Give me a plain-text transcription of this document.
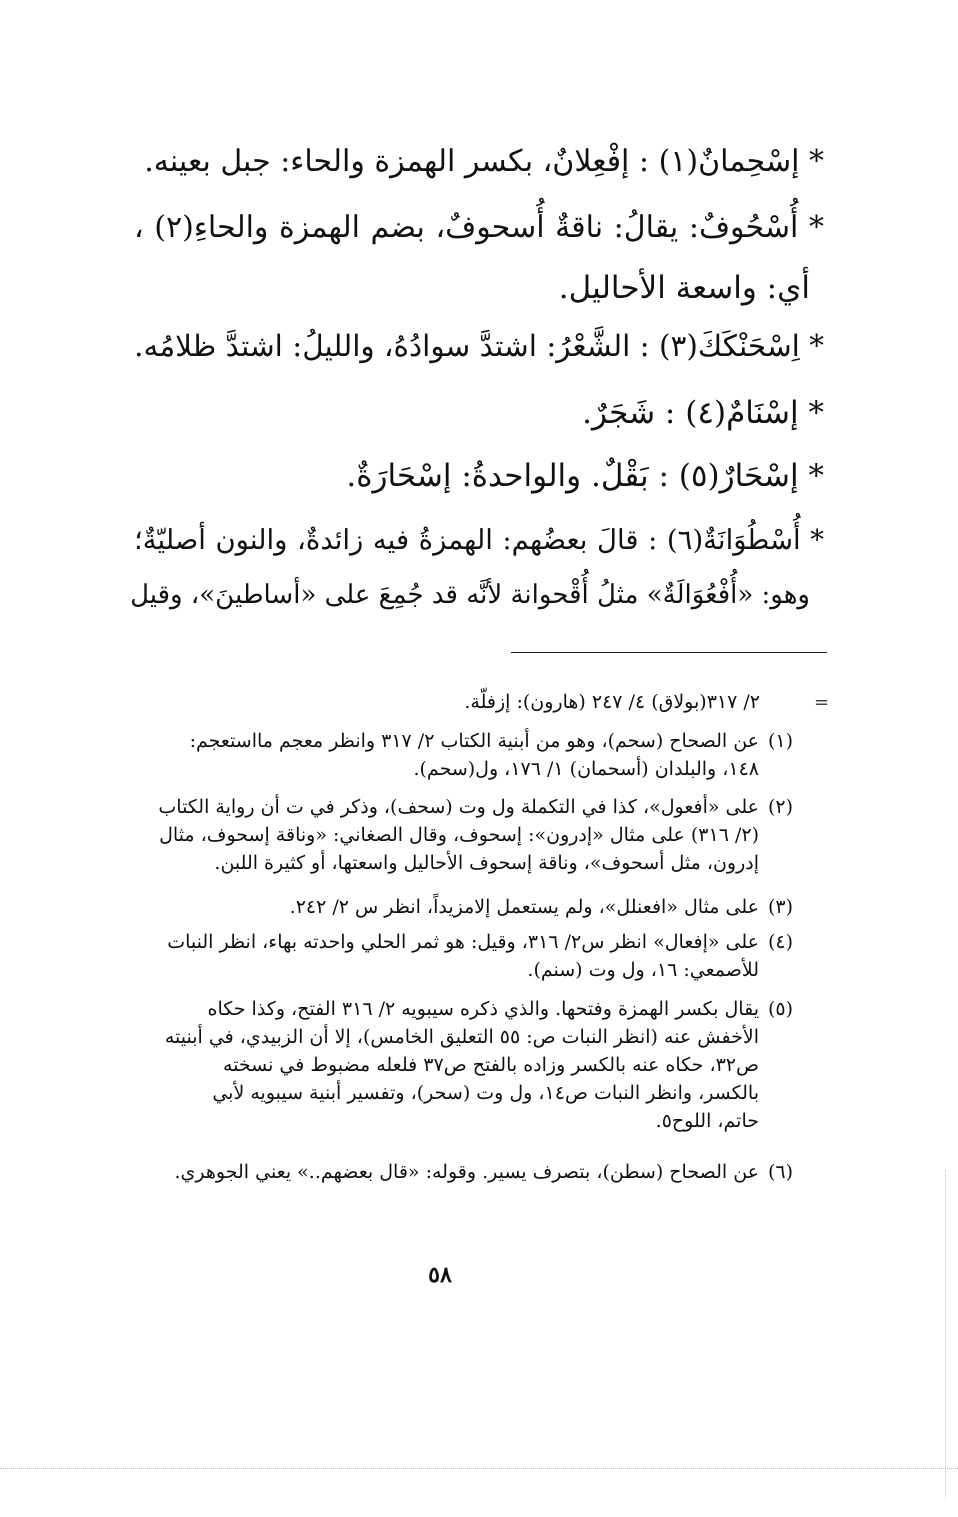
* إسْحِمانٌ(١) : إفْعِلانٌ، بكسر الهمزة والحاء: جبل بعينه.
* أُسْحُوفٌ: يقالُ: ناقةٌ أُسحوفٌ، بضم الهمزة والحاءِ(٢) ،
أي: واسعة الأحاليل.
* اِسْحَنْكَكَ(٣) : الشَّعْرُ: اشتدَّ سوادُهُ، والليلُ: اشتدَّ ظلامُه.
* إسْنَامٌ(٤) : شَجَرٌ.
* إسْحَارٌ(٥) : بَقْلٌ. والواحدةُ: إسْحَارَةٌ.
* أُسْطُوَانَةٌ(٦) : قالَ بعضُهم: الهمزةُ فيه زائدةٌ، والنون أصليّةٌ؛
وهو: «أُفْعُوَالَةٌ» مثلُ أُقْحوانة لأنَّه قد جُمِعَ على «أساطينَ»، وقيل
=
٢/ ٣١٧(بولاق) ٤/ ٢٤٧ (هارون): إزفلّة.
(١)
عن الصحاح (سحم)، وهو من أبنية الكتاب ٢/ ٣١٧ وانظر معجم مااستعجم:
١٤٨، والبلدان (أسحمان) ١/ ١٧٦، ول(سحم).
(٢)
على «أفعول»، كذا في التكملة ول وت (سحف)، وذكر في ت أن رواية الكتاب
(٢/ ٣١٦) على مثال «إدرون»: إسحوف، وقال الصغاني: «وناقة إسحوف، مثال
إدرون، مثل أسحوف»، وناقة إسحوف الأحاليل واسعتها، أو كثيرة اللبن.
(٣)
على مثال «افعنلل»، ولم يستعمل إلامزيداً، انظر س ٢/ ٢٤٢.
(٤)
على «إفعال» انظر س٢/ ٣١٦، وقيل: هو ثمر الحلي واحدته بهاء، انظر النبات
للأصمعي: ١٦، ول وت (سنم).
(٥)
يقال بكسر الهمزة وفتحها. والذي ذكره سيبويه ٢/ ٣١٦ الفتح، وكذا حكاه
الأخفش عنه (انظر النبات ص: ٥٥ التعليق الخامس)، إلا أن الزبيدي، في أبنيته
ص٣٢، حكاه عنه بالكسر وزاده بالفتح ص٣٧ فلعله مضبوط في نسخته
بالكسر، وانظر النبات ص١٤، ول وت (سحر)، وتفسير أبنية سيبويه لأبي
حاتم، اللوح٥.
(٦)
عن الصحاح (سطن)، بتصرف يسير. وقوله: «قال بعضهم..» يعني الجوهري.
٥٨
